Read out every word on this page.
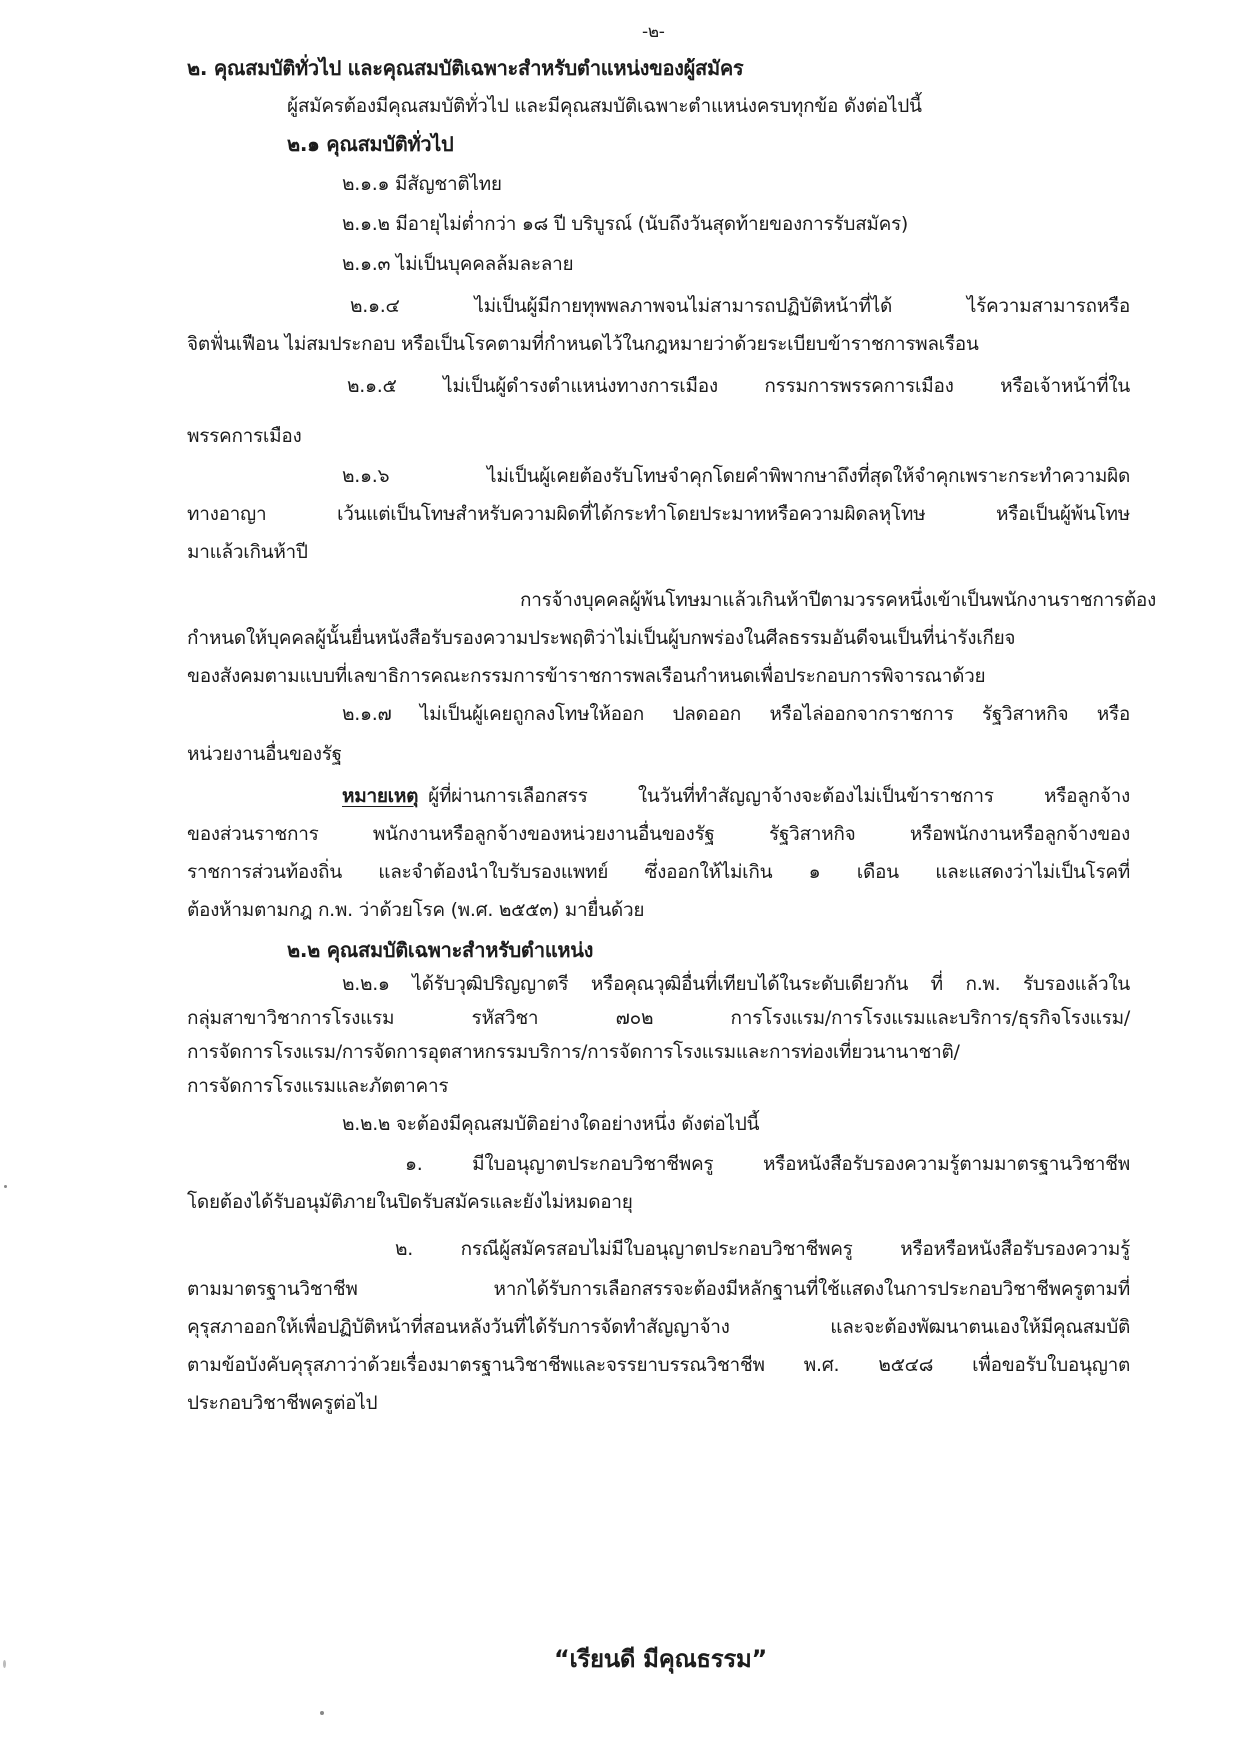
-๒-
๒. คุณสมบัติทั่วไป และคุณสมบัติเฉพาะสำหรับตำแหน่งของผู้สมัคร
ผู้สมัครต้องมีคุณสมบัติทั่วไป และมีคุณสมบัติเฉพาะตำแหน่งครบทุกข้อ ดังต่อไปนี้
๒.๑ คุณสมบัติทั่วไป
๒.๑.๑ มีสัญชาติไทย
๒.๑.๒ มีอายุไม่ต่ำกว่า ๑๘ ปี บริบูรณ์ (นับถึงวันสุดท้ายของการรับสมัคร)
๒.๑.๓ ไม่เป็นบุคคลล้มละลาย
๒.๑.๔ ไม่เป็นผู้มีกายทุพพลภาพจนไม่สามารถปฏิบัติหน้าที่ได้ ไร้ความสามารถหรือ
จิตฟั่นเฟือน ไม่สมประกอบ หรือเป็นโรคตามที่กำหนดไว้ในกฎหมายว่าด้วยระเบียบข้าราชการพลเรือน
๒.๑.๕ ไม่เป็นผู้ดำรงตำแหน่งทางการเมือง กรรมการพรรคการเมือง หรือเจ้าหน้าที่ใน
พรรคการเมือง
๒.๑.๖ ไม่เป็นผู้เคยต้องรับโทษจำคุกโดยคำพิพากษาถึงที่สุดให้จำคุกเพราะกระทำความผิด
ทางอาญา เว้นแต่เป็นโทษสำหรับความผิดที่ได้กระทำโดยประมาทหรือความผิดลหุโทษ หรือเป็นผู้พ้นโทษ
มาแล้วเกินห้าปี
การจ้างบุคคลผู้พ้นโทษมาแล้วเกินห้าปีตามวรรคหนึ่งเข้าเป็นพนักงานราชการต้อง
กำหนดให้บุคคลผู้นั้นยื่นหนังสือรับรองความประพฤติว่าไม่เป็นผู้บกพร่องในศีลธรรมอันดีจนเป็นที่น่ารังเกียจ
ของสังคมตามแบบที่เลขาธิการคณะกรรมการข้าราชการพลเรือนกำหนดเพื่อประกอบการพิจารณาด้วย
๒.๑.๗ ไม่เป็นผู้เคยถูกลงโทษให้ออก ปลดออก หรือไล่ออกจากราชการ รัฐวิสาหกิจ หรือ
หน่วยงานอื่นของรัฐ
หมายเหตุ ผู้ที่ผ่านการเลือกสรร ในวันที่ทำสัญญาจ้างจะต้องไม่เป็นข้าราชการ หรือลูกจ้าง
ของส่วนราชการ พนักงานหรือลูกจ้างของหน่วยงานอื่นของรัฐ รัฐวิสาหกิจ หรือพนักงานหรือลูกจ้างของ
ราชการส่วนท้องถิ่น และจำต้องนำใบรับรองแพทย์ ซึ่งออกให้ไม่เกิน ๑ เดือน และแสดงว่าไม่เป็นโรคที่
ต้องห้ามตามกฎ ก.พ. ว่าด้วยโรค (พ.ศ. ๒๕๕๓) มายื่นด้วย
๒.๒ คุณสมบัติเฉพาะสำหรับตำแหน่ง
๒.๒.๑ ได้รับวุฒิปริญญาตรี หรือคุณวุฒิอื่นที่เทียบได้ในระดับเดียวกัน ที่ ก.พ. รับรองแล้วใน
กลุ่มสาขาวิชาการโรงแรม รหัสวิชา ๗๐๒ การโรงแรม/การโรงแรมและบริการ/ธุรกิจโรงแรม/
การจัดการโรงแรม/การจัดการอุตสาหกรรมบริการ/การจัดการโรงแรมและการท่องเที่ยวนานาชาติ/
การจัดการโรงแรมและภัตตาคาร
๒.๒.๒ จะต้องมีคุณสมบัติอย่างใดอย่างหนึ่ง ดังต่อไปนี้
๑. มีใบอนุญาตประกอบวิชาชีพครู หรือหนังสือรับรองความรู้ตามมาตรฐานวิชาชีพ
โดยต้องได้รับอนุมัติภายในปิดรับสมัครและยังไม่หมดอายุ
๒. กรณีผู้สมัครสอบไม่มีใบอนุญาตประกอบวิชาชีพครู หรือหรือหนังสือรับรองความรู้
ตามมาตรฐานวิชาชีพ หากได้รับการเลือกสรรจะต้องมีหลักฐานที่ใช้แสดงในการประกอบวิชาชีพครูตามที่
คุรุสภาออกให้เพื่อปฏิบัติหน้าที่สอนหลังวันที่ได้รับการจัดทำสัญญาจ้าง และจะต้องพัฒนาตนเองให้มีคุณสมบัติ
ตามข้อบังคับคุรุสภาว่าด้วยเรื่องมาตรฐานวิชาชีพและจรรยาบรรณวิชาชีพ พ.ศ. ๒๕๔๘ เพื่อขอรับใบอนุญาต
ประกอบวิชาชีพครูต่อไป
“เรียนดี มีคุณธรรม”
